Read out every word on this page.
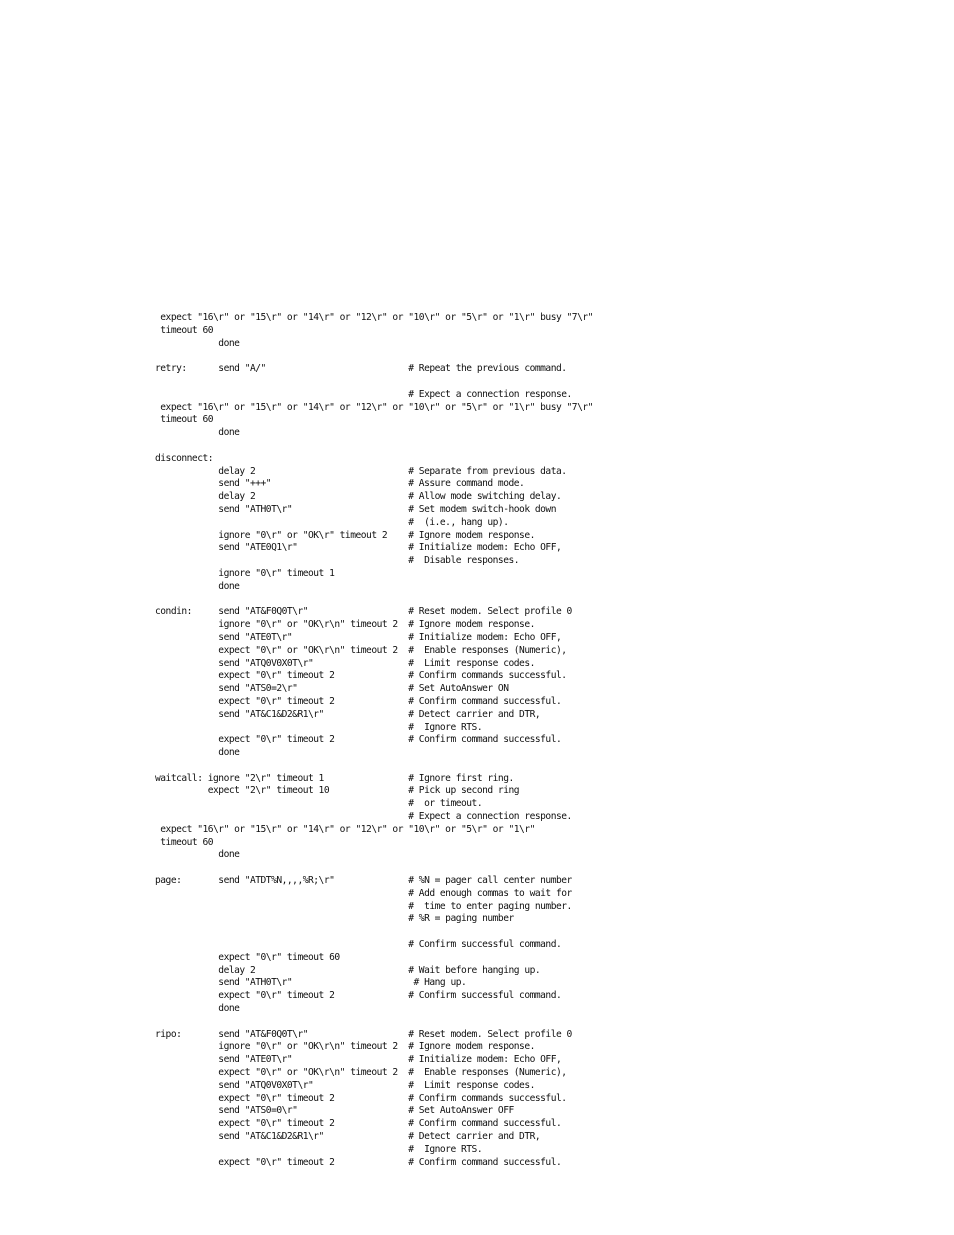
expect "16\r" or "15\r" or "14\r" or "12\r" or "10\r" or "5\r" or "1\r" busy "7\r"
timeout 60
done
retry:      send "A/"                           # Repeat the previous command.
# Expect a connection response.
expect "16\r" or "15\r" or "14\r" or "12\r" or "10\r" or "5\r" or "1\r" busy "7\r"
timeout 60
done
disconnect:
delay 2                             # Separate from previous data.
send "+++"                          # Assure command mode.
delay 2                             # Allow mode switching delay.
send "ATH0T\r"                      # Set modem switch-hook down
#  (i.e., hang up).
ignore "0\r" or "OK\r" timeout 2    # Ignore modem response.
send "ATE0Q1\r"                     # Initialize modem: Echo OFF,
#  Disable responses.
ignore "0\r" timeout 1
done
condin:     send "AT&F0Q0T\r"                   # Reset modem. Select profile 0
ignore "0\r" or "OK\r\n" timeout 2  # Ignore modem response.
send "ATE0T\r"                      # Initialize modem: Echo OFF,
expect "0\r" or "OK\r\n" timeout 2  #  Enable responses (Numeric),
send "ATQ0V0X0T\r"                  #  Limit response codes.
expect "0\r" timeout 2              # Confirm commands successful.
send "ATS0=2\r"                     # Set AutoAnswer ON
expect "0\r" timeout 2              # Confirm command successful.
send "AT&C1&D2&R1\r"                # Detect carrier and DTR,
#  Ignore RTS.
expect "0\r" timeout 2              # Confirm command successful.
done
waitcall: ignore "2\r" timeout 1                # Ignore first ring.
expect "2\r" timeout 10               # Pick up second ring
#  or timeout.
# Expect a connection response.
expect "16\r" or "15\r" or "14\r" or "12\r" or "10\r" or "5\r" or "1\r"
timeout 60
done
page:       send "ATDT%N,,,,%R;\r"              # %N = pager call center number
# Add enough commas to wait for
#  time to enter paging number.
# %R = paging number
# Confirm successful command.
expect "0\r" timeout 60
delay 2                             # Wait before hanging up.
send "ATH0T\r"                       # Hang up.
expect "0\r" timeout 2              # Confirm successful command.
done
ripo:       send "AT&F0Q0T\r"                   # Reset modem. Select profile 0
ignore "0\r" or "OK\r\n" timeout 2  # Ignore modem response.
send "ATE0T\r"                      # Initialize modem: Echo OFF,
expect "0\r" or "OK\r\n" timeout 2  #  Enable responses (Numeric),
send "ATQ0V0X0T\r"                  #  Limit response codes.
expect "0\r" timeout 2              # Confirm commands successful.
send "ATS0=0\r"                     # Set AutoAnswer OFF
expect "0\r" timeout 2              # Confirm command successful.
send "AT&C1&D2&R1\r"                # Detect carrier and DTR,
#  Ignore RTS.
expect "0\r" timeout 2              # Confirm command successful.
